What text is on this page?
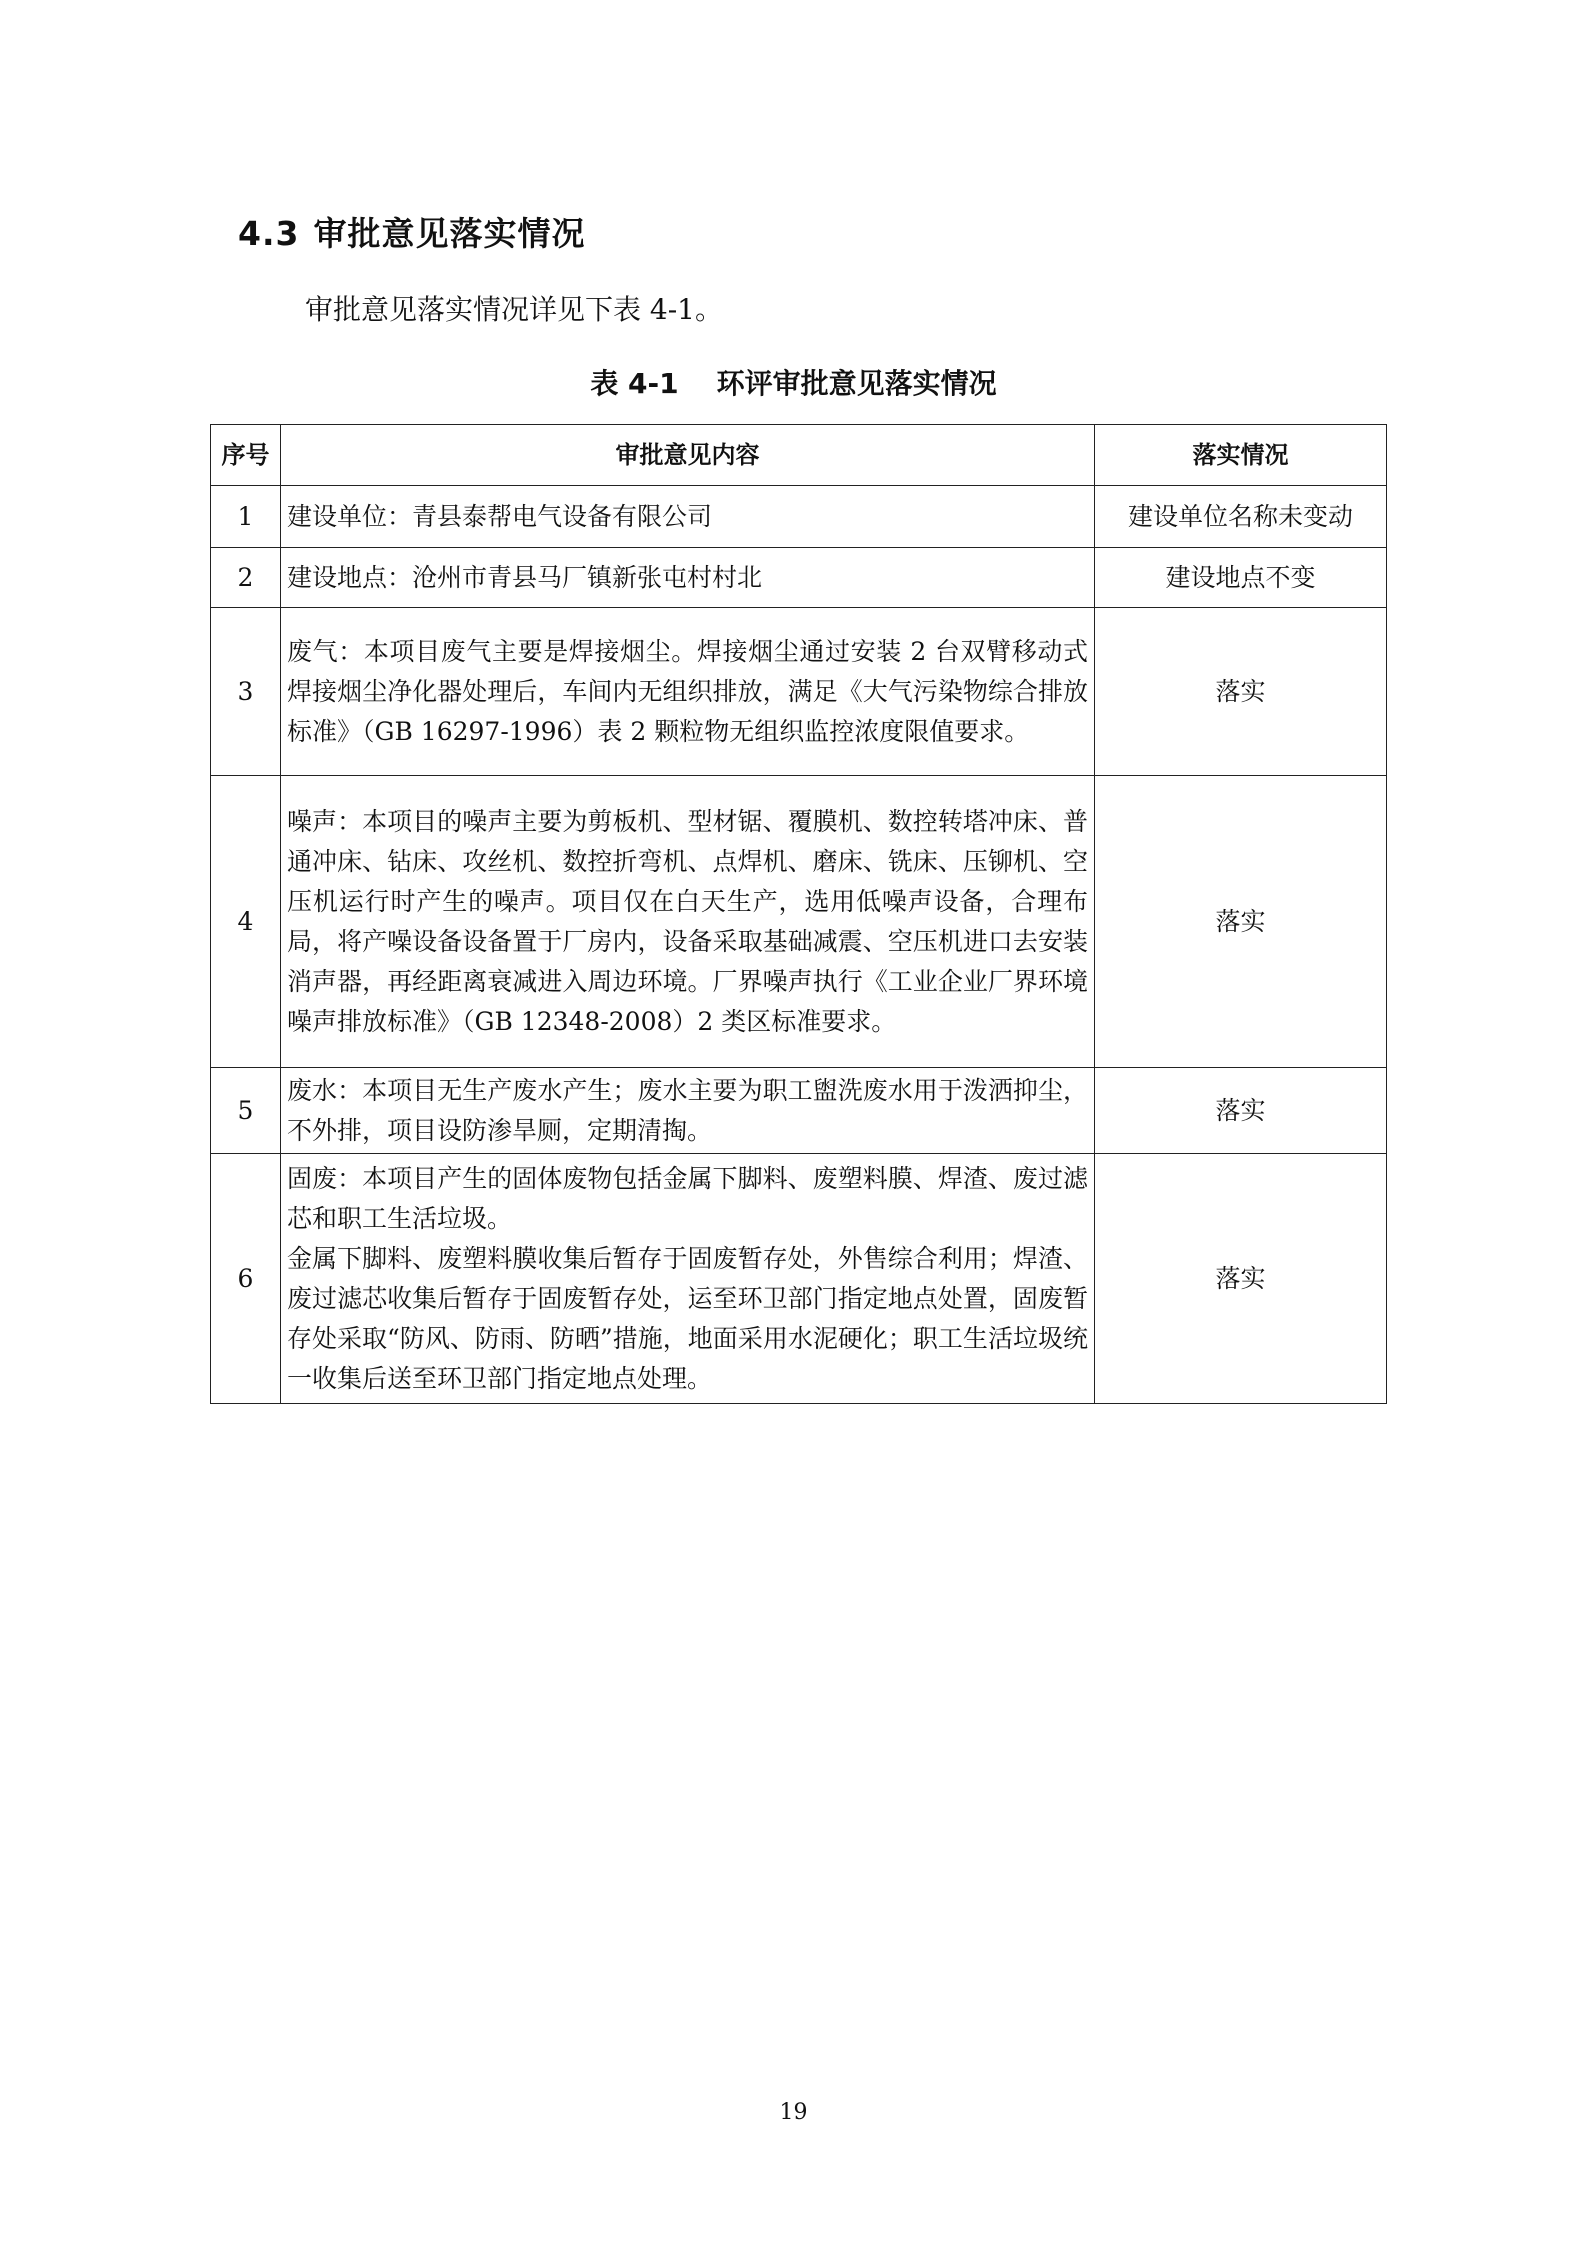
4.3 审批意见落实情况
审批意见落实情况详见下表 4-1。
表 4-1 环评审批意见落实情况
序号	审批意见内容	落实情况
1	建设单位：青县泰帮电气设备有限公司	建设单位名称未变动
2	建设地点：沧州市青县马厂镇新张屯村村北	建设地点不变
3	废气：本项目废气主要是焊接烟尘。焊接烟尘通过安装 2 台双臂移动式焊接烟尘净化器处理后，车间内无组织排放，满足《大气污染物综合排放标准》（GB 16297-1996）表 2 颗粒物无组织监控浓度限值要求。	落实
4	噪声：本项目的噪声主要为剪板机、型材锯、覆膜机、数控转塔冲床、普通冲床、钻床、攻丝机、数控折弯机、点焊机、磨床、铣床、压铆机、空压机运行时产生的噪声。项目仅在白天生产，选用低噪声设备，合理布局，将产噪设备设备置于厂房内，设备采取基础减震、空压机进口去安装消声器，再经距离衰减进入周边环境。厂界噪声执行《工业企业厂界环境噪声排放标准》（GB 12348-2008）2 类区标准要求。	落实
5	废水：本项目无生产废水产生；废水主要为职工盥洗废水用于泼洒抑尘，不外排，项目设防渗旱厕，定期清掏。	落实
6	固废：本项目产生的固体废物包括金属下脚料、废塑料膜、焊渣、废过滤芯和职工生活垃圾。
金属下脚料、废塑料膜收集后暂存于固废暂存处，外售综合利用；焊渣、废过滤芯收集后暂存于固废暂存处，运至环卫部门指定地点处置，固废暂存处采取“防风、防雨、防晒”措施，地面采用水泥硬化；职工生活垃圾统一收集后送至环卫部门指定地点处理。	落实
19
